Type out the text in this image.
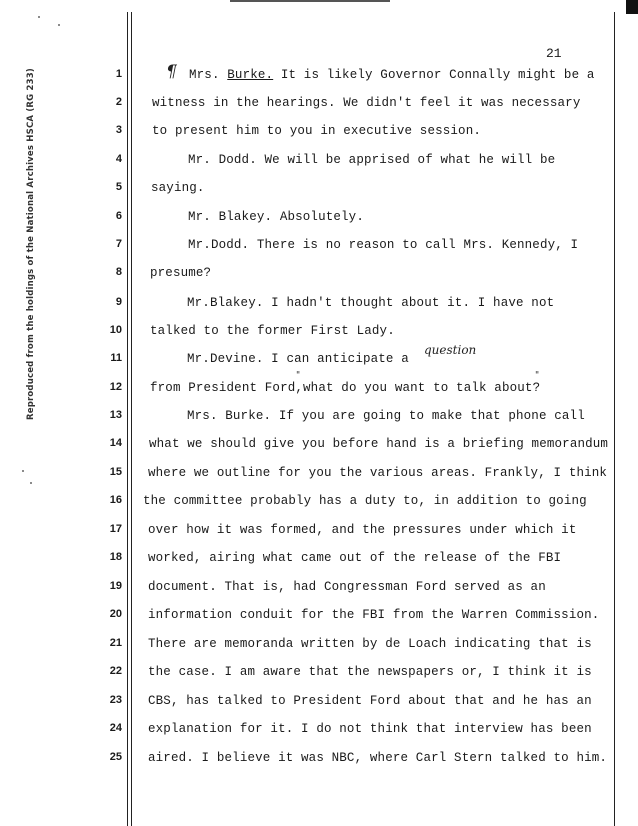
Reproduced from the holdings of the National Archives HSCA (RG 233)
21
1
2
3
4
5
6
7
8
9
10
11
12
13
14
15
16
17
18
19
20
21
22
23
24
25
¶
question
"	"
Mrs. Burke. It is likely Governor Connally might be a
witness in the hearings. We didn't feel it was necessary
to present him to you in executive session.
Mr. Dodd. We will be apprised of what he will be
saying.
Mr. Blakey. Absolutely.
Mr.Dodd. There is no reason to call Mrs. Kennedy, I
presume?
Mr.Blakey. I hadn't thought about it. I have not
talked to the former First Lady.
Mr.Devine. I can anticipate a
from President Ford,what do you want to talk about?
Mrs. Burke. If you are going to make that phone call
what we should give you before hand is a briefing memorandum
where we outline for you the various areas. Frankly, I think
the committee probably has a duty to, in addition to going
over how it was formed, and the pressures under which it
worked, airing what came out of the release of the FBI
document. That is, had Congressman Ford served as an
information conduit for the FBI from the Warren Commission.
There are memoranda written by de Loach indicating that is
the case. I am aware that the newspapers or, I think it is
CBS, has talked to President Ford about that and he has an
explanation for it. I do not think that interview has been
aired. I believe it was NBC, where Carl Stern talked to him.
